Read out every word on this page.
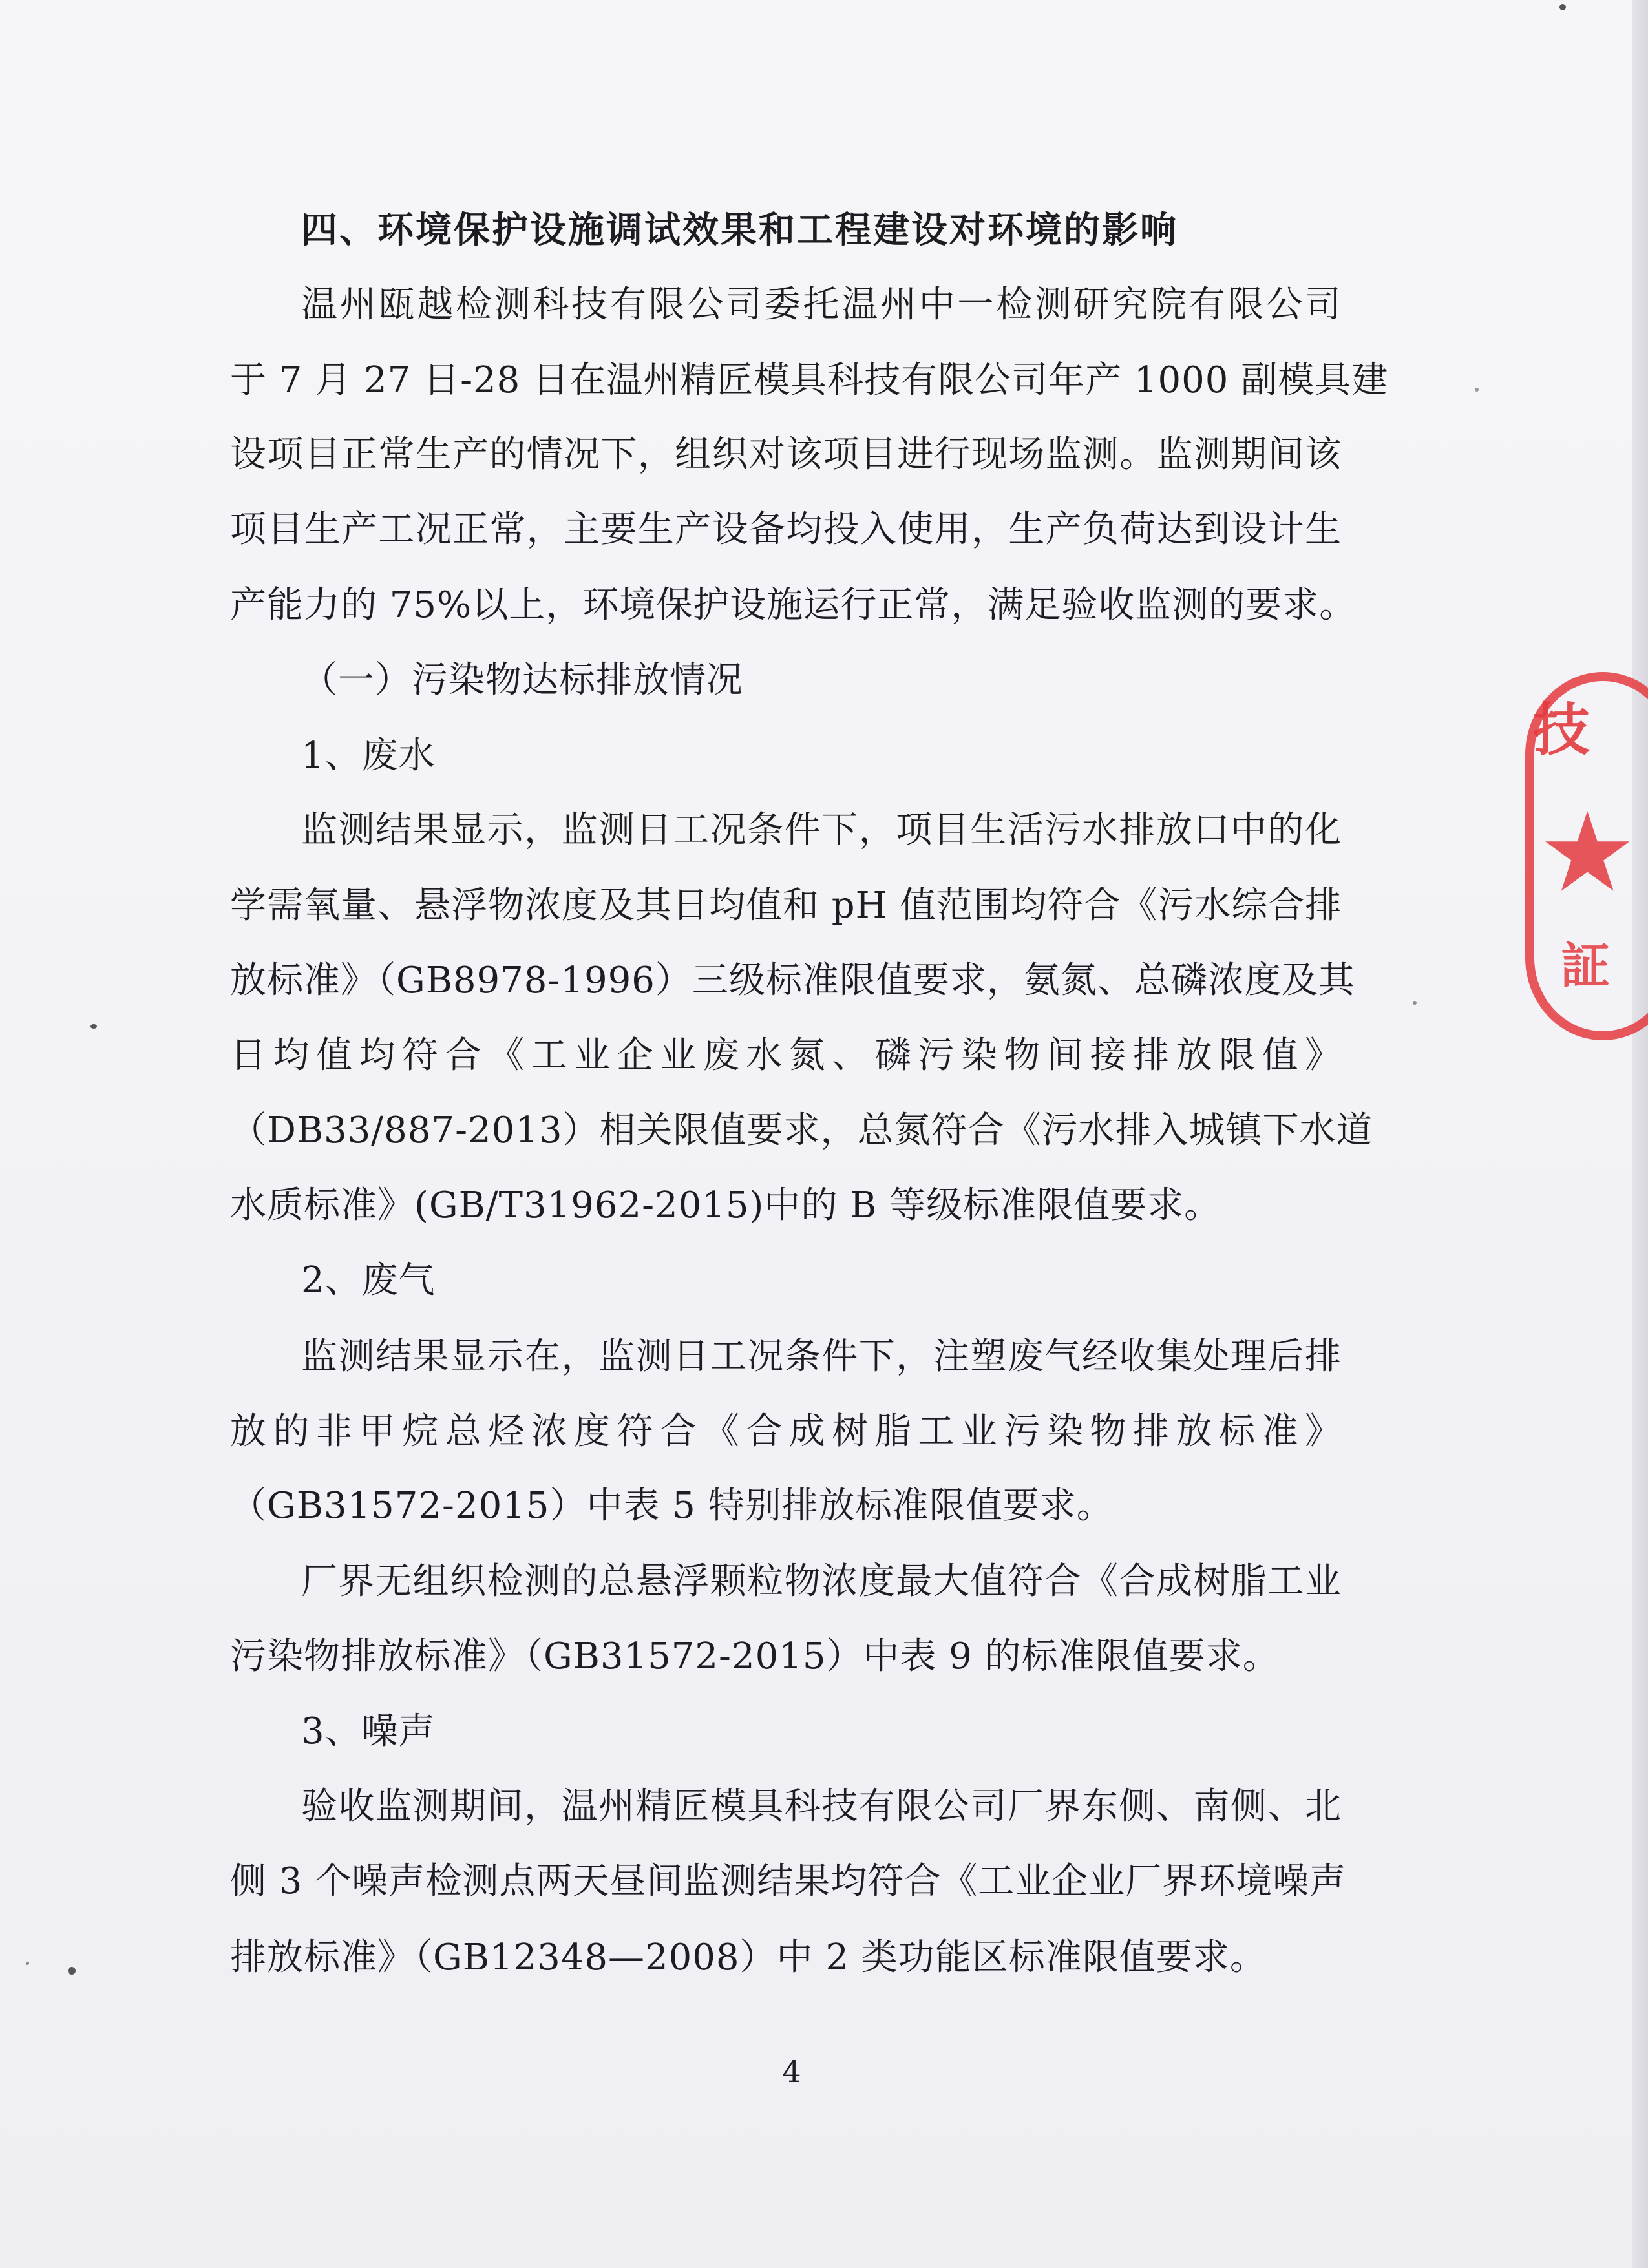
四、环境保护设施调试效果和工程建设对环境的影响
温州瓯越检测科技有限公司委托温州中一检测研究院有限公司
于 7 月 27 日-28 日在温州精匠模具科技有限公司年产 1000 副模具建
设项目正常生产的情况下，组织对该项目进行现场监测。监测期间该
项目生产工况正常，主要生产设备均投入使用，生产负荷达到设计生
产能力的 75%以上，环境保护设施运行正常，满足验收监测的要求。
（一）污染物达标排放情况
1、废水
监测结果显示，监测日工况条件下，项目生活污水排放口中的化
学需氧量、悬浮物浓度及其日均值和 pH 值范围均符合《污水综合排
放标准》（GB8978-1996）三级标准限值要求，氨氮、总磷浓度及其
日均值均符合《工业企业废水氮、磷污染物间接排放限值》
（DB33/887-2013）相关限值要求，总氮符合《污水排入城镇下水道
水质标准》(GB/T31962-2015)中的 B 等级标准限值要求。
2、废气
监测结果显示在，监测日工况条件下，注塑废气经收集处理后排
放的非甲烷总烃浓度符合《合成树脂工业污染物排放标准》
（GB31572-2015）中表 5 特别排放标准限值要求。
厂界无组织检测的总悬浮颗粒物浓度最大值符合《合成树脂工业
污染物排放标准》（GB31572-2015）中表 9 的标准限值要求。
3、噪声
验收监测期间，温州精匠模具科技有限公司厂界东侧、南侧、北
侧 3 个噪声检测点两天昼间监测结果均符合《工业企业厂界环境噪声
排放标准》（GB12348—2008）中 2 类功能区标准限值要求。
4
技
★
証
